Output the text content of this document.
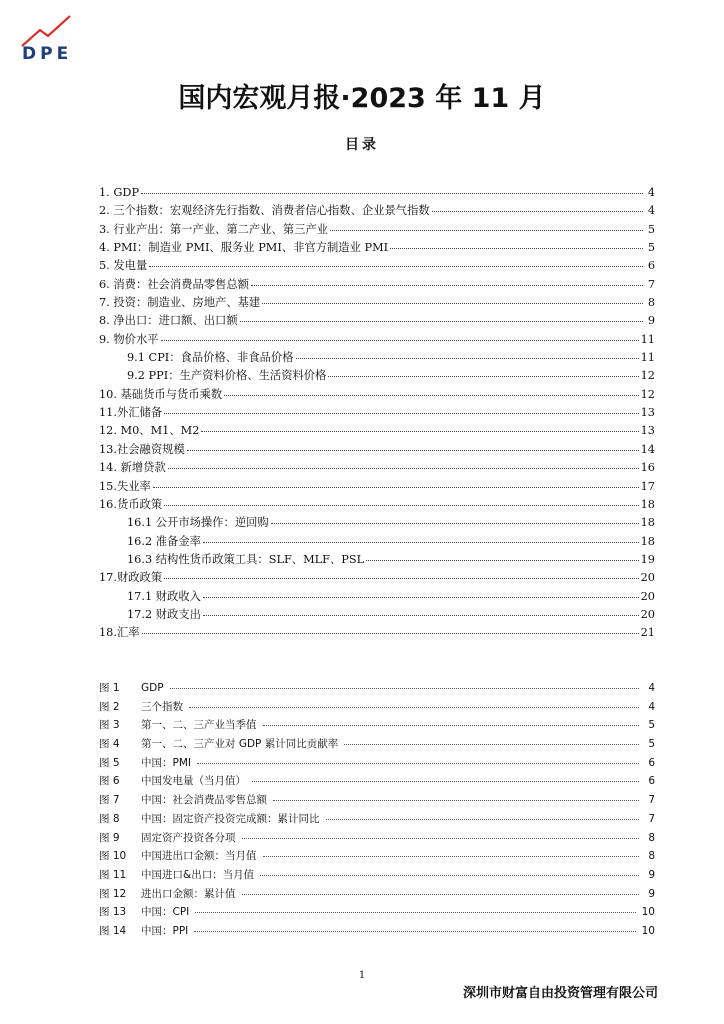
DPE
国内宏观月报·2023 年 11 月
目录
1. GDP	4
2. 三个指数：宏观经济先行指数、消费者信心指数、企业景气指数	4
3. 行业产出：第一产业、第二产业、第三产业	5
4. PMI：制造业 PMI、服务业 PMI、非官方制造业 PMI	5
5. 发电量	6
6. 消费：社会消费品零售总额	7
7. 投资：制造业、房地产、基建	8
8. 净出口：进口额、出口额	9
9. 物价水平	11
9.1 CPI：食品价格、非食品价格	11
9.2 PPI：生产资料价格、生活资料价格	12
10. 基础货币与货币乘数	12
11.外汇储备	13
12. M0、M1、M2	13
13.社会融资规模	14
14. 新增贷款	16
15.失业率	17
16.货币政策	18
16.1 公开市场操作：逆回购	18
16.2 准备金率	18
16.3 结构性货币政策工具：SLF、MLF、PSL	19
17.财政政策	20
17.1 财政收入	20
17.2 财政支出	20
18.汇率	21
图 1	GDP	4
图 2	三个指数	4
图 3	第一、二、三产业当季值	5
图 4	第一、二、三产业对 GDP 累计同比贡献率	5
图 5	中国：PMI	6
图 6	中国发电量（当月值）	6
图 7	中国：社会消费品零售总额	7
图 8	中国：固定资产投资完成额：累计同比	7
图 9	固定资产投资各分项	8
图 10	中国进出口金额：当月值	8
图 11	中国进口&出口：当月值	9
图 12	进出口金额：累计值	9
图 13	中国：CPI	10
图 14	中国：PPI	10
1
深圳市财富自由投资管理有限公司
